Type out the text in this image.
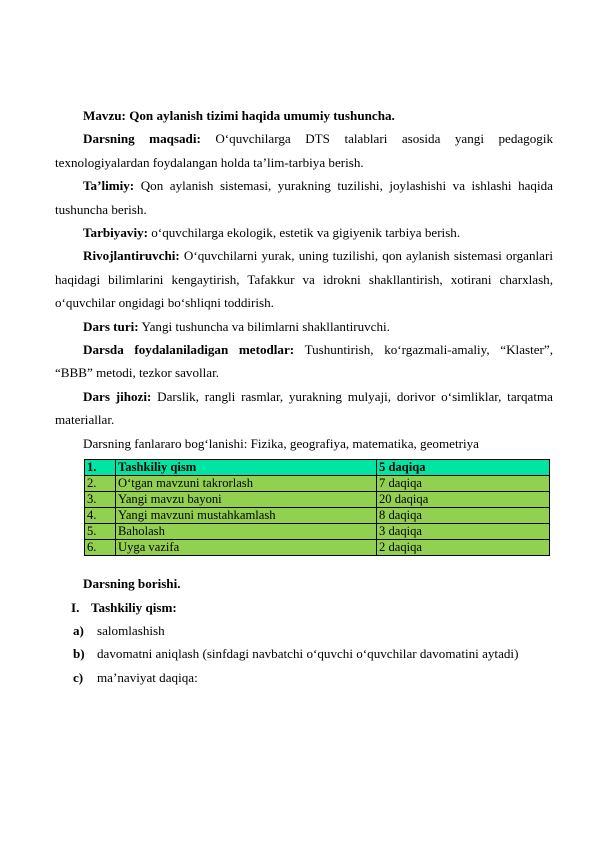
Mavzu: Qon aylanish tizimi haqida umumiy tushuncha.

Darsning maqsadi: O‘quvchilarga DTS talablari asosida yangi pedagogik texnologiyalardan foydalangan holda ta’lim-tarbiya berish.

Ta’limiy: Qon aylanish sistemasi, yurakning tuzilishi, joylashishi va ishlashi haqida tushuncha berish.

Tarbiyaviy: o‘quvchilarga ekologik, estetik va gigiyenik tarbiya berish.

Rivojlantiruvchi: O‘quvchilarni yurak, uning tuzilishi, qon aylanish sistemasi organlari haqidagi bilimlarini kengaytirish, Tafakkur va idrokni shakllantirish, xotirani charxlash, o‘quvchilar ongidagi bo‘shliqni toddirish.

Dars turi: Yangi tushuncha va bilimlarni shakllantiruvchi.

Darsda foydalaniladigan metodlar: Tushuntirish, ko‘rgazmali-amaliy, “Klaster”, “BBB” metodi, tezkor savollar.

Dars jihozi: Darslik, rangli rasmlar, yurakning mulyaji, dorivor o‘simliklar, tarqatma materiallar.

Darsning fanlararo bog‘lanishi: Fizika, geografiya, matematika, geometriya

1.	Tashkiliy qism	5 daqiqa
2.	O‘tgan mavzuni takrorlash	7 daqiqa
3.	Yangi mavzu bayoni	20 daqiqa
4.	Yangi mavzuni mustahkamlash	8 daqiqa
5.	Baholash	3 daqiqa
6.	Uyga vazifa	2 daqiqa
Darsning borishi.
I. Tashkiliy qism:
a) salomlashish
b) davomatni aniqlash (sinfdagi navbatchi o‘quvchi o‘quvchilar davomatini aytadi)
c) ma’naviyat daqiqa:
